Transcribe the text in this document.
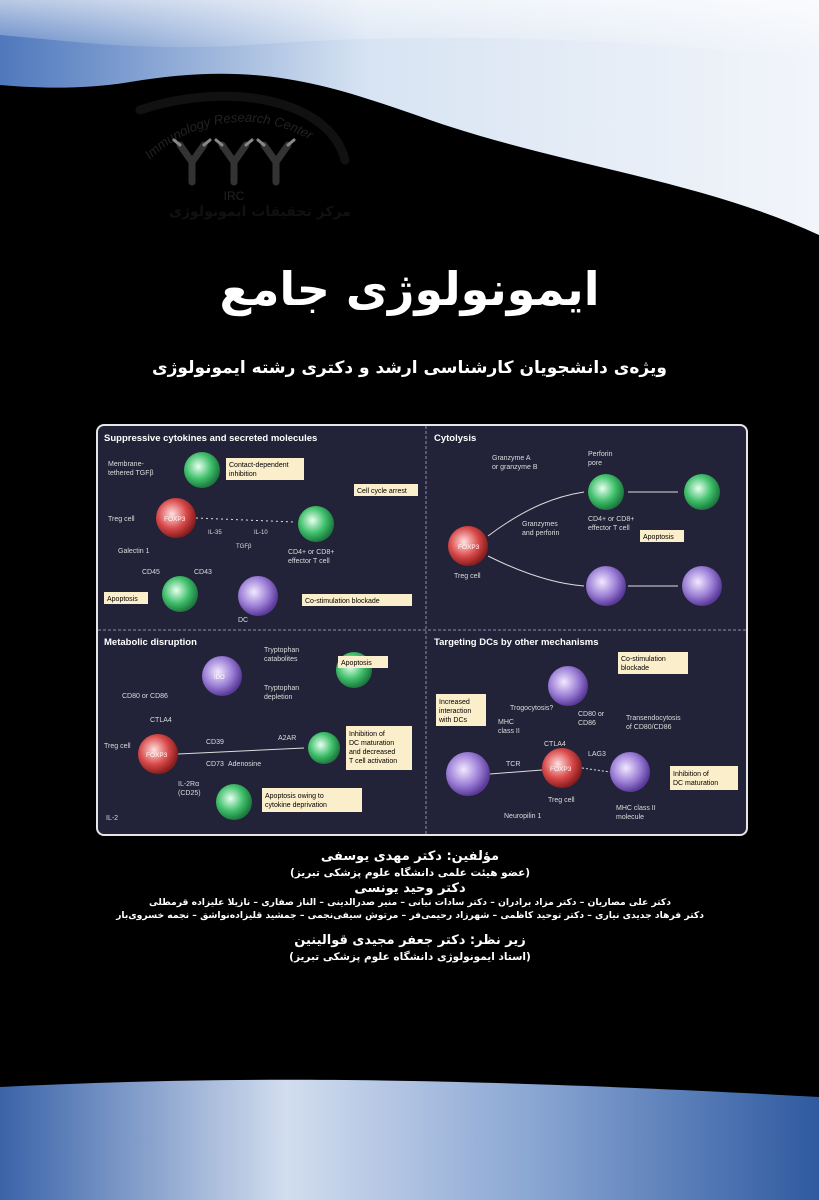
Immunology Research Center
IRC
مرکز تحقیقات ایمونولوژی
ایمونولوژی جامع
ویژه‌ی دانشجویان کارشناسی ارشد و دکتری رشته ایمونولوژی
Suppressive cytokines and secreted molecules	Cytolysis
Metabolic disruption	Targeting DCs by other mechanisms
FOXP3
Membrane-
tethered TGFβ
Treg cell
Galectin 1
CD45	CD43
TGFβ
IL-35	IL-10
CD4+ or CD8+
effector T cell
DC
Contact-dependent
inhibition
Cell cycle arrest
Apoptosis	Co-stimulation blockade
FOXP3
Granzyme A
or granzyme B
Perforin
pore
Granzymes
and perforin
CD4+ or CD8+
effector T cell
Treg cell
Apoptosis
IDO
FOXP3
Tryptophan
catabolites
Tryptophan
depletion
CD80 or CD86
CTLA4
CD39
CD73
A2AR
Adenosine
IL-2Rα
(CD25)
IL-2
Treg cell
Apoptosis
Inhibition of
DC maturation
and decreased
T cell activation
Apoptosis owing to
cytokine deprivation
FOXP3
Co-stimulation
blockade
Increased
interaction
with DCs
Trogocytosis?
CD80 or
CD86
Transendocytosis
of CD80/CD86
MHC
class II
CTLA4
TCR
LAG3
Neuropilin 1
Treg cell
MHC class II
molecule
Inhibition of
DC maturation
مؤلفین: دکتر مهدی یوسفی
(عضو هیئت علمی دانشگاه علوم پزشکی تبریز)
دکتر وحید یونسی
دکتر علی مصاریان – دکتر مزاد برادران – دکتر سادات نیانی – منیر صدرالدینی – الناز صفاری – نازیلا علیزاده قرمطلی
دکتر فرهاد جدیدی نیاری – دکتر توحید کاظمی – شهرزاد رحیمی‌فر – مرتوش سیفی‌نجمی – جمشید قلیزاده‌نواشق – نجمه خسروی‌بار
زیر نظر: دکتر جعفر مجیدی قوالینین
(استاد ایمونولوژی دانشگاه علوم پزشکی تبریز)
